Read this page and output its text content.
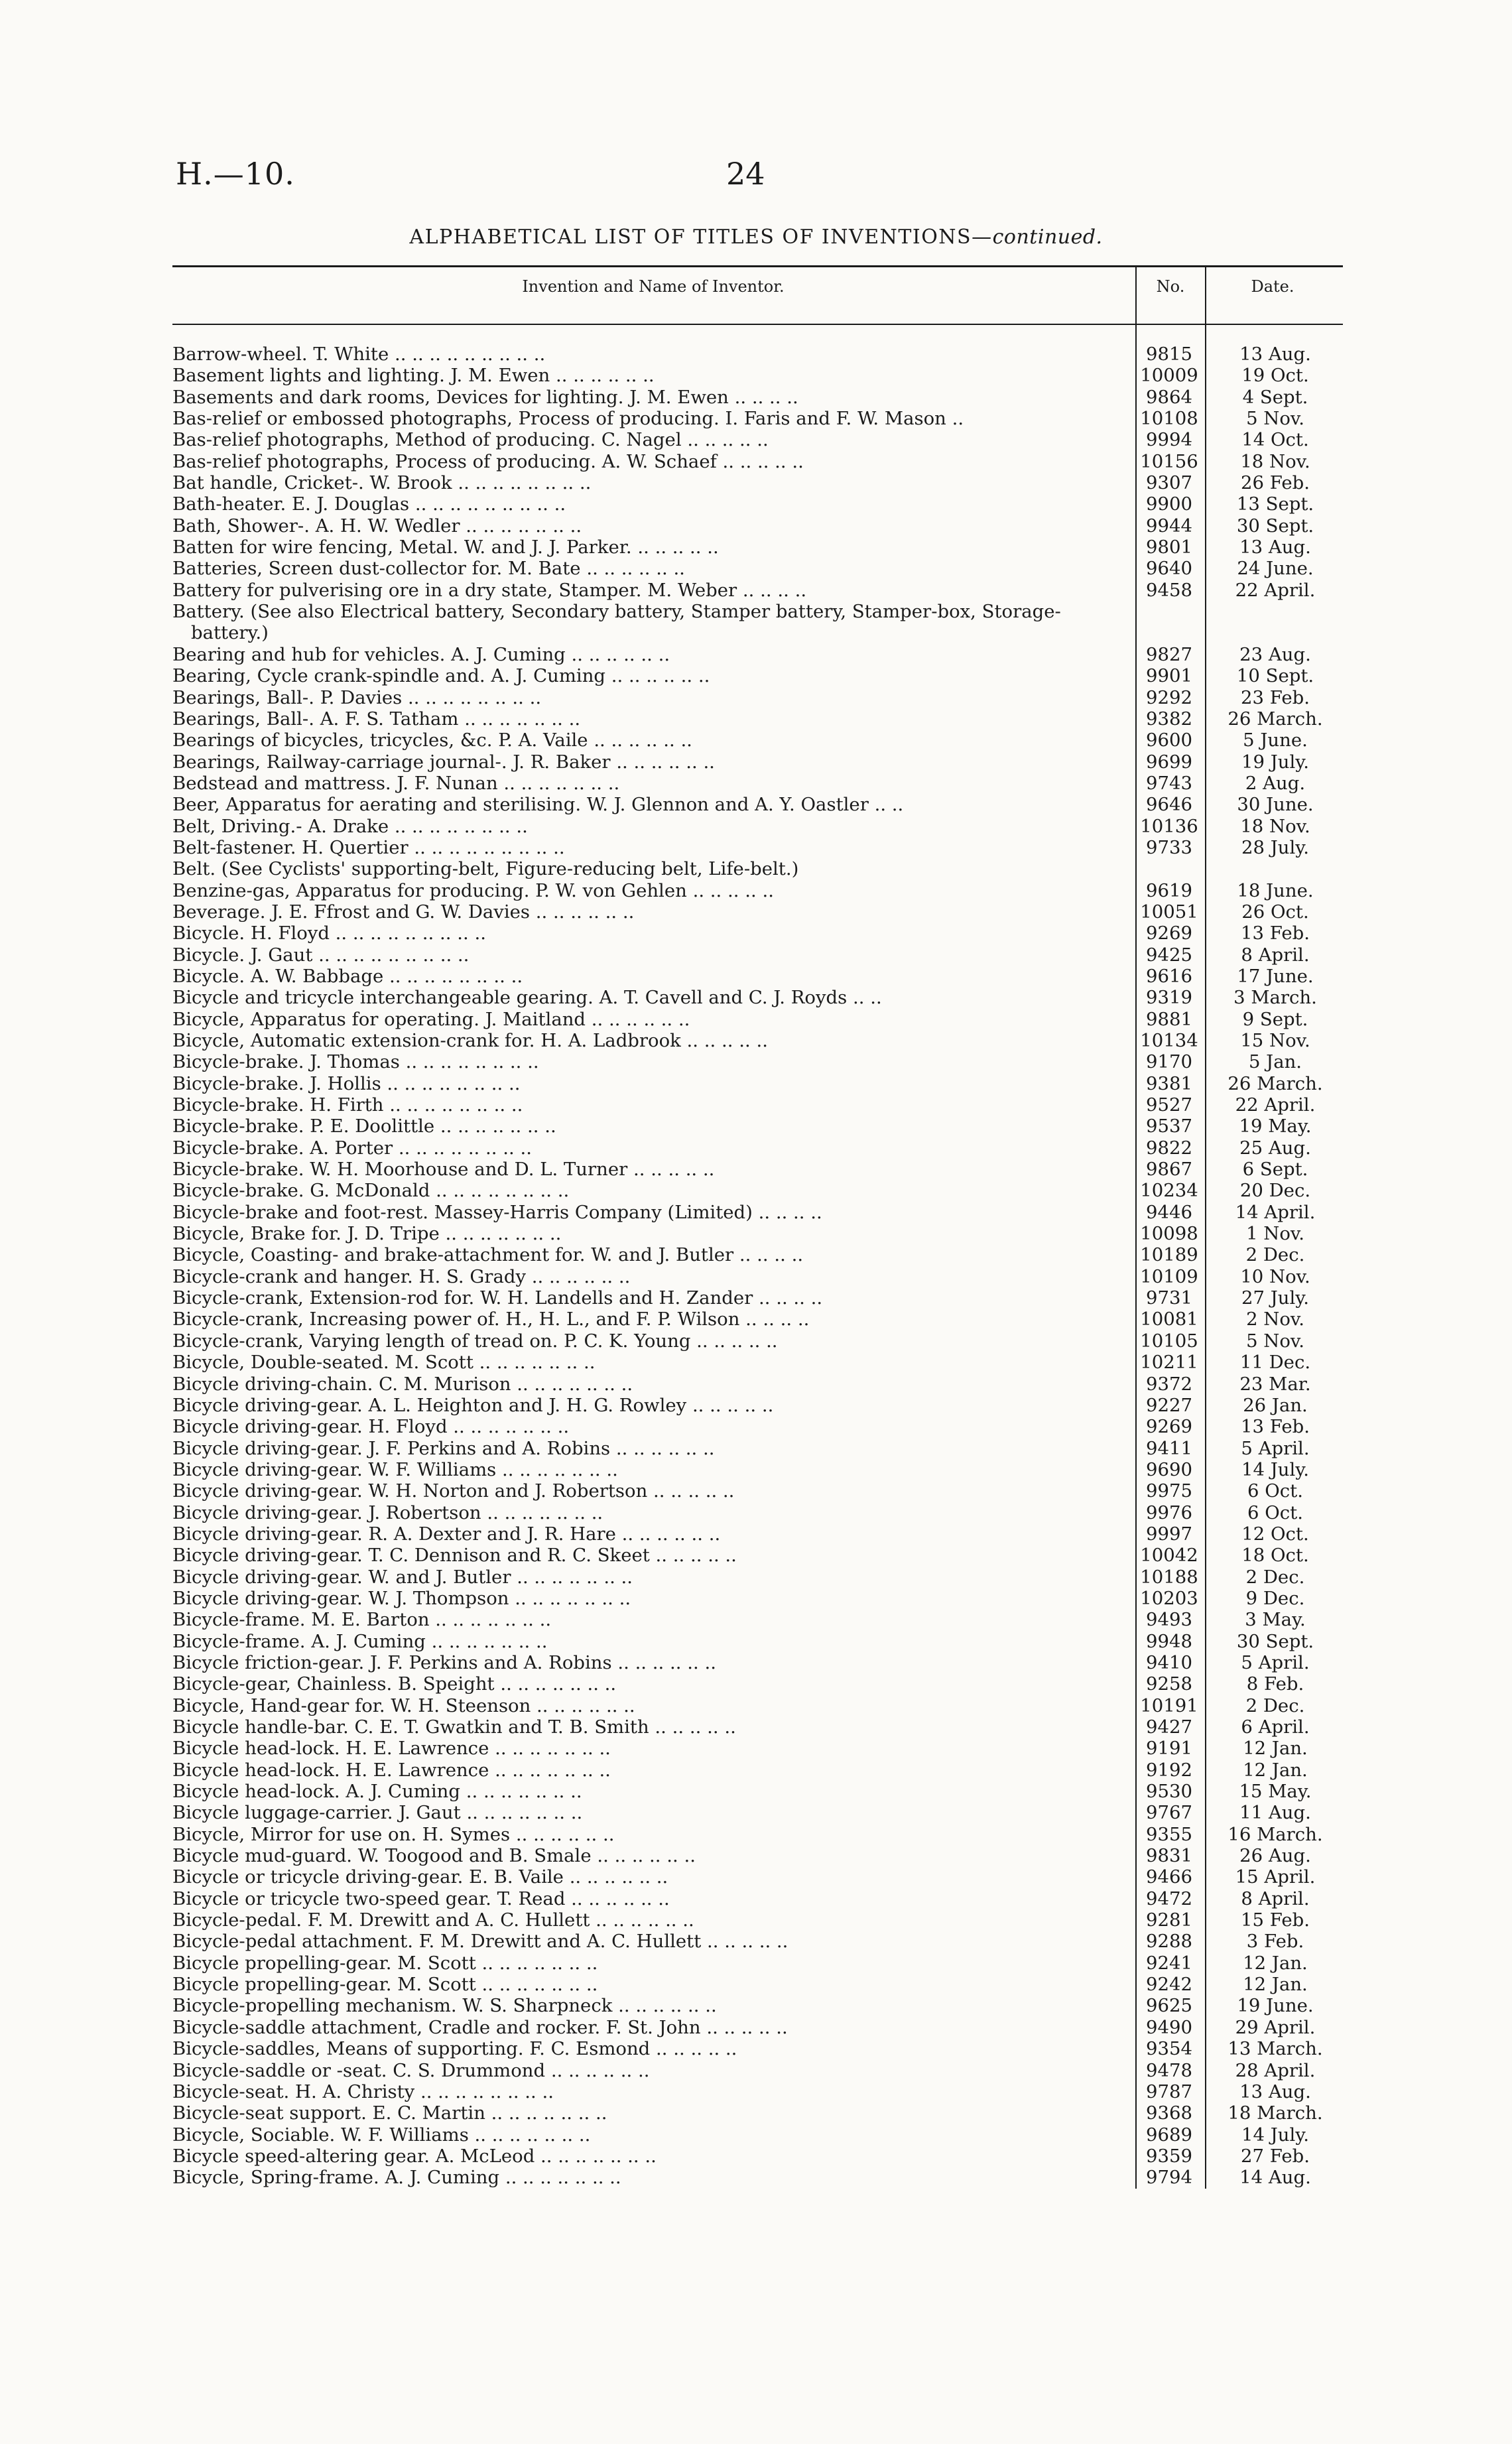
H.—10.	24
ALPHABETICAL LIST OF TITLES OF INVENTIONS—continued.
Invention and Name of Inventor.	No.	Date.
Barrow-wheel. T. White .. .. .. .. .. .. .. .. ..	9815	13 Aug.
Basement lights and lighting. J. M. Ewen .. .. .. .. .. ..	10009	19 Oct.
Basements and dark rooms, Devices for lighting. J. M. Ewen .. .. .. ..	9864	4 Sept.
Bas-relief or embossed photographs, Process of producing. I. Faris and F. W. Mason ..	10108	5 Nov.
Bas-relief photographs, Method of producing. C. Nagel .. .. .. .. ..	9994	14 Oct.
Bas-relief photographs, Process of producing. A. W. Schaef .. .. .. .. ..	10156	18 Nov.
Bat handle, Cricket-. W. Brook .. .. .. .. .. .. .. ..	9307	26 Feb.
Bath-heater. E. J. Douglas .. .. .. .. .. .. .. .. ..	9900	13 Sept.
Bath, Shower-. A. H. W. Wedler .. .. .. .. .. .. ..	9944	30 Sept.
Batten for wire fencing, Metal. W. and J. J. Parker. .. .. .. .. ..	9801	13 Aug.
Batteries, Screen dust-collector for. M. Bate .. .. .. .. .. ..	9640	24 June.
Battery for pulverising ore in a dry state, Stamper. M. Weber .. .. .. ..	9458	22 April.
Battery. (See also Electrical battery, Secondary battery, Stamper battery, Stamper-box, Storage-
battery.)
Bearing and hub for vehicles. A. J. Cuming .. .. .. .. .. ..	9827	23 Aug.
Bearing, Cycle crank-spindle and. A. J. Cuming .. .. .. .. .. ..	9901	10 Sept.
Bearings, Ball-. P. Davies .. .. .. .. .. .. .. ..	9292	23 Feb.
Bearings, Ball-. A. F. S. Tatham .. .. .. .. .. .. ..	9382	26 March.
Bearings of bicycles, tricycles, &c. P. A. Vaile .. .. .. .. .. ..	9600	5 June.
Bearings, Railway-carriage journal-. J. R. Baker .. .. .. .. .. ..	9699	19 July.
Bedstead and mattress. J. F. Nunan .. .. .. .. .. .. ..	9743	2 Aug.
Beer, Apparatus for aerating and sterilising. W. J. Glennon and A. Y. Oastler .. ..	9646	30 June.
Belt, Driving.- A. Drake .. .. .. .. .. .. .. ..	10136	18 Nov.
Belt-fastener. H. Quertier .. .. .. .. .. .. .. .. ..	9733	28 July.
Belt. (See Cyclists' supporting-belt, Figure-reducing belt, Life-belt.)
Benzine-gas, Apparatus for producing. P. W. von Gehlen .. .. .. .. ..	9619	18 June.
Beverage. J. E. Ffrost and G. W. Davies .. .. .. .. .. ..	10051	26 Oct.
Bicycle. H. Floyd .. .. .. .. .. .. .. .. ..	9269	13 Feb.
Bicycle. J. Gaut .. .. .. .. .. .. .. .. ..	9425	8 April.
Bicycle. A. W. Babbage .. .. .. .. .. .. .. ..	9616	17 June.
Bicycle and tricycle interchangeable gearing. A. T. Cavell and C. J. Royds .. ..	9319	3 March.
Bicycle, Apparatus for operating. J. Maitland .. .. .. .. .. ..	9881	9 Sept.
Bicycle, Automatic extension-crank for. H. A. Ladbrook .. .. .. .. ..	10134	15 Nov.
Bicycle-brake. J. Thomas .. .. .. .. .. .. .. ..	9170	5 Jan.
Bicycle-brake. J. Hollis .. .. .. .. .. .. .. ..	9381	26 March.
Bicycle-brake. H. Firth .. .. .. .. .. .. .. ..	9527	22 April.
Bicycle-brake. P. E. Doolittle .. .. .. .. .. .. ..	9537	19 May.
Bicycle-brake. A. Porter .. .. .. .. .. .. .. ..	9822	25 Aug.
Bicycle-brake. W. H. Moorhouse and D. L. Turner .. .. .. .. ..	9867	6 Sept.
Bicycle-brake. G. McDonald .. .. .. .. .. .. .. ..	10234	20 Dec.
Bicycle-brake and foot-rest. Massey-Harris Company (Limited) .. .. .. ..	9446	14 April.
Bicycle, Brake for. J. D. Tripe .. .. .. .. .. .. ..	10098	1 Nov.
Bicycle, Coasting- and brake-attachment for. W. and J. Butler .. .. .. ..	10189	2 Dec.
Bicycle-crank and hanger. H. S. Grady .. .. .. .. .. ..	10109	10 Nov.
Bicycle-crank, Extension-rod for. W. H. Landells and H. Zander .. .. .. ..	9731	27 July.
Bicycle-crank, Increasing power of. H., H. L., and F. P. Wilson .. .. .. ..	10081	2 Nov.
Bicycle-crank, Varying length of tread on. P. C. K. Young .. .. .. .. ..	10105	5 Nov.
Bicycle, Double-seated. M. Scott .. .. .. .. .. .. ..	10211	11 Dec.
Bicycle driving-chain. C. M. Murison .. .. .. .. .. .. ..	9372	23 Mar.
Bicycle driving-gear. A. L. Heighton and J. H. G. Rowley .. .. .. .. ..	9227	26 Jan.
Bicycle driving-gear. H. Floyd .. .. .. .. .. .. ..	9269	13 Feb.
Bicycle driving-gear. J. F. Perkins and A. Robins .. .. .. .. .. ..	9411	5 April.
Bicycle driving-gear. W. F. Williams .. .. .. .. .. .. ..	9690	14 July.
Bicycle driving-gear. W. H. Norton and J. Robertson .. .. .. .. ..	9975	6 Oct.
Bicycle driving-gear. J. Robertson .. .. .. .. .. .. ..	9976	6 Oct.
Bicycle driving-gear. R. A. Dexter and J. R. Hare .. .. .. .. .. ..	9997	12 Oct.
Bicycle driving-gear. T. C. Dennison and R. C. Skeet .. .. .. .. ..	10042	18 Oct.
Bicycle driving-gear. W. and J. Butler .. .. .. .. .. .. ..	10188	2 Dec.
Bicycle driving-gear. W. J. Thompson .. .. .. .. .. .. ..	10203	9 Dec.
Bicycle-frame. M. E. Barton .. .. .. .. .. .. ..	9493	3 May.
Bicycle-frame. A. J. Cuming .. .. .. .. .. .. ..	9948	30 Sept.
Bicycle friction-gear. J. F. Perkins and A. Robins .. .. .. .. .. ..	9410	5 April.
Bicycle-gear, Chainless. B. Speight .. .. .. .. .. .. ..	9258	8 Feb.
Bicycle, Hand-gear for. W. H. Steenson .. .. .. .. .. ..	10191	2 Dec.
Bicycle handle-bar. C. E. T. Gwatkin and T. B. Smith .. .. .. .. ..	9427	6 April.
Bicycle head-lock. H. E. Lawrence .. .. .. .. .. .. ..	9191	12 Jan.
Bicycle head-lock. H. E. Lawrence .. .. .. .. .. .. ..	9192	12 Jan.
Bicycle head-lock. A. J. Cuming .. .. .. .. .. .. ..	9530	15 May.
Bicycle luggage-carrier. J. Gaut .. .. .. .. .. .. ..	9767	11 Aug.
Bicycle, Mirror for use on. H. Symes .. .. .. .. .. ..	9355	16 March.
Bicycle mud-guard. W. Toogood and B. Smale .. .. .. .. .. ..	9831	26 Aug.
Bicycle or tricycle driving-gear. E. B. Vaile .. .. .. .. .. ..	9466	15 April.
Bicycle or tricycle two-speed gear. T. Read .. .. .. .. .. ..	9472	8 April.
Bicycle-pedal. F. M. Drewitt and A. C. Hullett .. .. .. .. .. ..	9281	15 Feb.
Bicycle-pedal attachment. F. M. Drewitt and A. C. Hullett .. .. .. .. ..	9288	3 Feb.
Bicycle propelling-gear. M. Scott .. .. .. .. .. .. ..	9241	12 Jan.
Bicycle propelling-gear. M. Scott .. .. .. .. .. .. ..	9242	12 Jan.
Bicycle-propelling mechanism. W. S. Sharpneck .. .. .. .. .. ..	9625	19 June.
Bicycle-saddle attachment, Cradle and rocker. F. St. John .. .. .. .. ..	9490	29 April.
Bicycle-saddles, Means of supporting. F. C. Esmond .. .. .. .. ..	9354	13 March.
Bicycle-saddle or -seat. C. S. Drummond .. .. .. .. .. ..	9478	28 April.
Bicycle-seat. H. A. Christy .. .. .. .. .. .. .. ..	9787	13 Aug.
Bicycle-seat support. E. C. Martin .. .. .. .. .. .. ..	9368	18 March.
Bicycle, Sociable. W. F. Williams .. .. .. .. .. .. ..	9689	14 July.
Bicycle speed-altering gear. A. McLeod .. .. .. .. .. .. ..	9359	27 Feb.
Bicycle, Spring-frame. A. J. Cuming .. .. .. .. .. .. ..	9794	14 Aug.
